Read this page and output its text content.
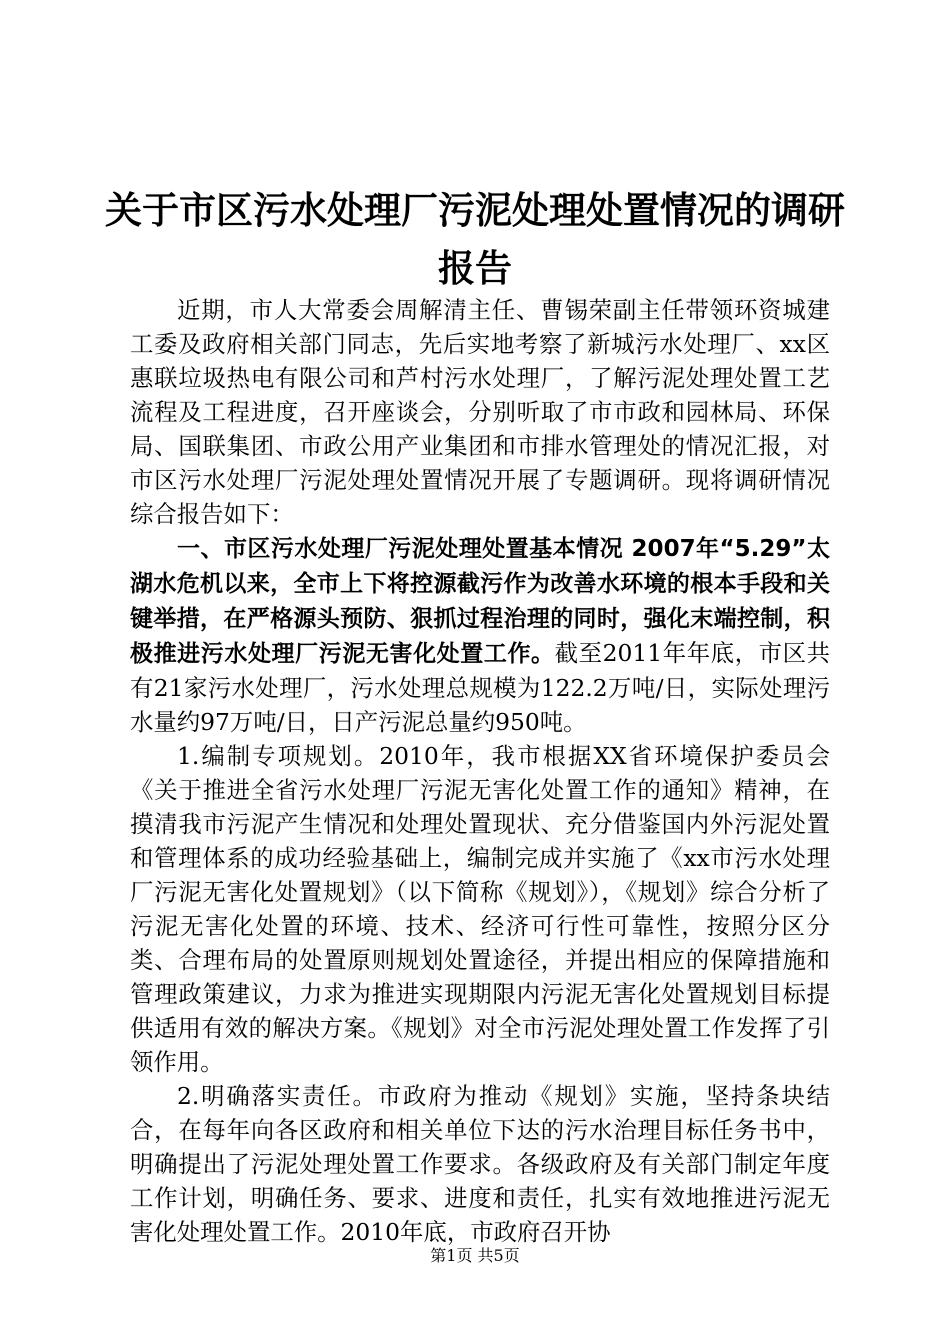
关于市区污水处理厂污泥处理处置情况的调研
报告

近期，市人大常委会周解清主任、曹锡荣副主任带领环资城建工委及政府相关部门同志，先后实地考察了新城污水处理厂、xx区惠联垃圾热电有限公司和芦村污水处理厂，了解污泥处理处置工艺流程及工程进度，召开座谈会，分别听取了市市政和园林局、环保局、国联集团、市政公用产业集团和市排水管理处的情况汇报，对市区污水处理厂污泥处理处置情况开展了专题调研。现将调研情况综合报告如下：

一、市区污水处理厂污泥处理处置基本情况 2007年“5.29”太湖水危机以来，全市上下将控源截污作为改善水环境的根本手段和关键举措，在严格源头预防、狠抓过程治理的同时，强化末端控制，积极推进污水处理厂污泥无害化处置工作。截至2011年年底，市区共有21家污水处理厂，污水处理总规模为122.2万吨/日，实际处理污水量约97万吨/日，日产污泥总量约950吨。

1.编制专项规划。2010年，我市根据XX省环境保护委员会《关于推进全省污水处理厂污泥无害化处置工作的通知》精神，在摸清我市污泥产生情况和处理处置现状、充分借鉴国内外污泥处置和管理体系的成功经验基础上，编制完成并实施了《xx市污水处理厂污泥无害化处置规划》（以下简称《规划》），《规划》综合分析了污泥无害化处置的环境、技术、经济可行性可靠性，按照分区分类、合理布局的处置原则规划处置途径，并提出相应的保障措施和管理政策建议，力求为推进实现期限内污泥无害化处置规划目标提供适用有效的解决方案。《规划》对全市污泥处理处置工作发挥了引领作用。

2.明确落实责任。市政府为推动《规划》实施，坚持条块结合，在每年向各区政府和相关单位下达的污水治理目标任务书中，明确提出了污泥处理处置工作要求。各级政府及有关部门制定年度工作计划，明确任务、要求、进度和责任，扎实有效地推进污泥无害化处理处置工作。2010年底，市政府召开协

第1页 共5页
